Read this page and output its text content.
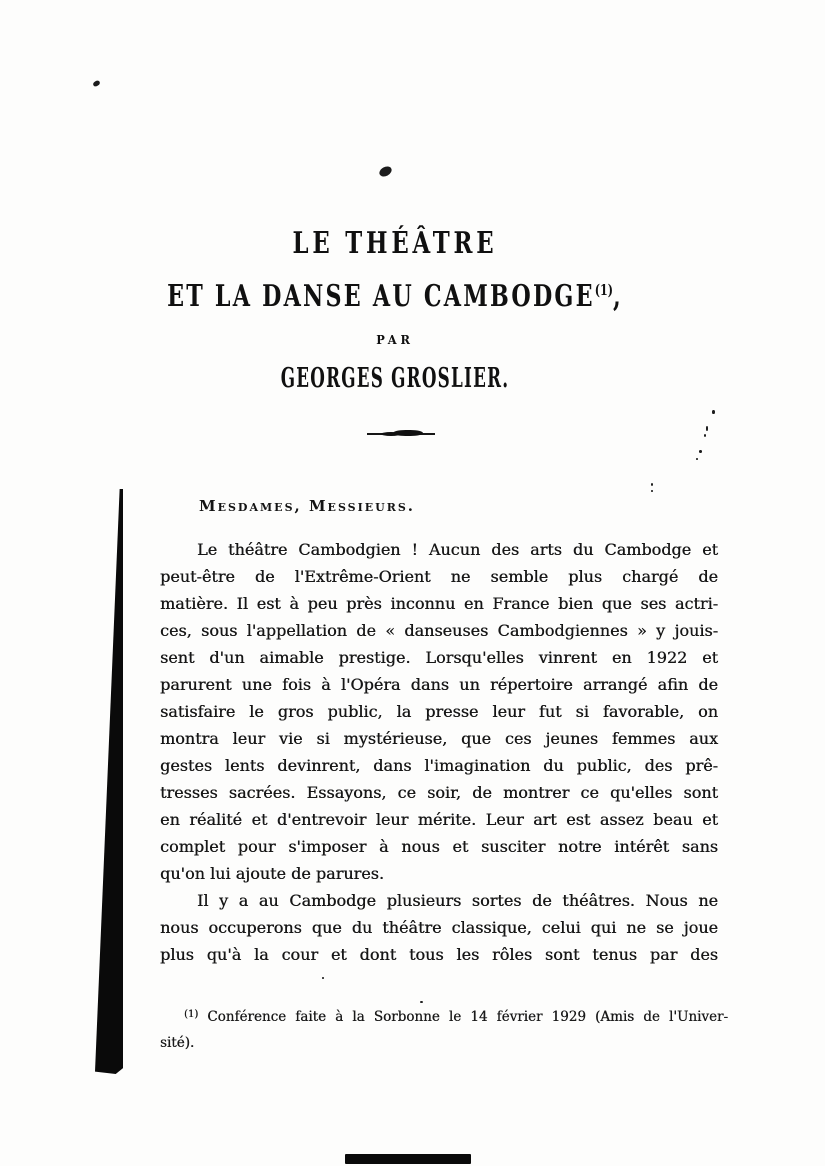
LE THÉÂTRE
ET LA DANSE AU CAMBODGE$^{(1)}$,
PAR
GEORGES GROSLIER.
Mesdames, Messieurs.
Le théâtre Cambodgien ! Aucun des arts du Cambodge et
peut-être de l'Extrême-Orient ne semble plus chargé de
matière. Il est à peu près inconnu en France bien que ses actri-
ces, sous l'appellation de « danseuses Cambodgiennes » y jouis-
sent d'un aimable prestige. Lorsqu'elles vinrent en 1922 et
parurent une fois à l'Opéra dans un répertoire arrangé afin de
satisfaire le gros public, la presse leur fut si favorable, on
montra leur vie si mystérieuse, que ces jeunes femmes aux
gestes lents devinrent, dans l'imagination du public, des prê-
tresses sacrées. Essayons, ce soir, de montrer ce qu'elles sont
en réalité et d'entrevoir leur mérite. Leur art est assez beau et
complet pour s'imposer à nous et susciter notre intérêt sans
qu'on lui ajoute de parures.
Il y a au Cambodge plusieurs sortes de théâtres. Nous ne
nous occuperons que du théâtre classique, celui qui ne se joue
plus qu'à la cour et dont tous les rôles sont tenus par des
$^{(1)}$ Conférence faite à la Sorbonne le 14 février 1929 (Amis de l'Univer-
sité).
